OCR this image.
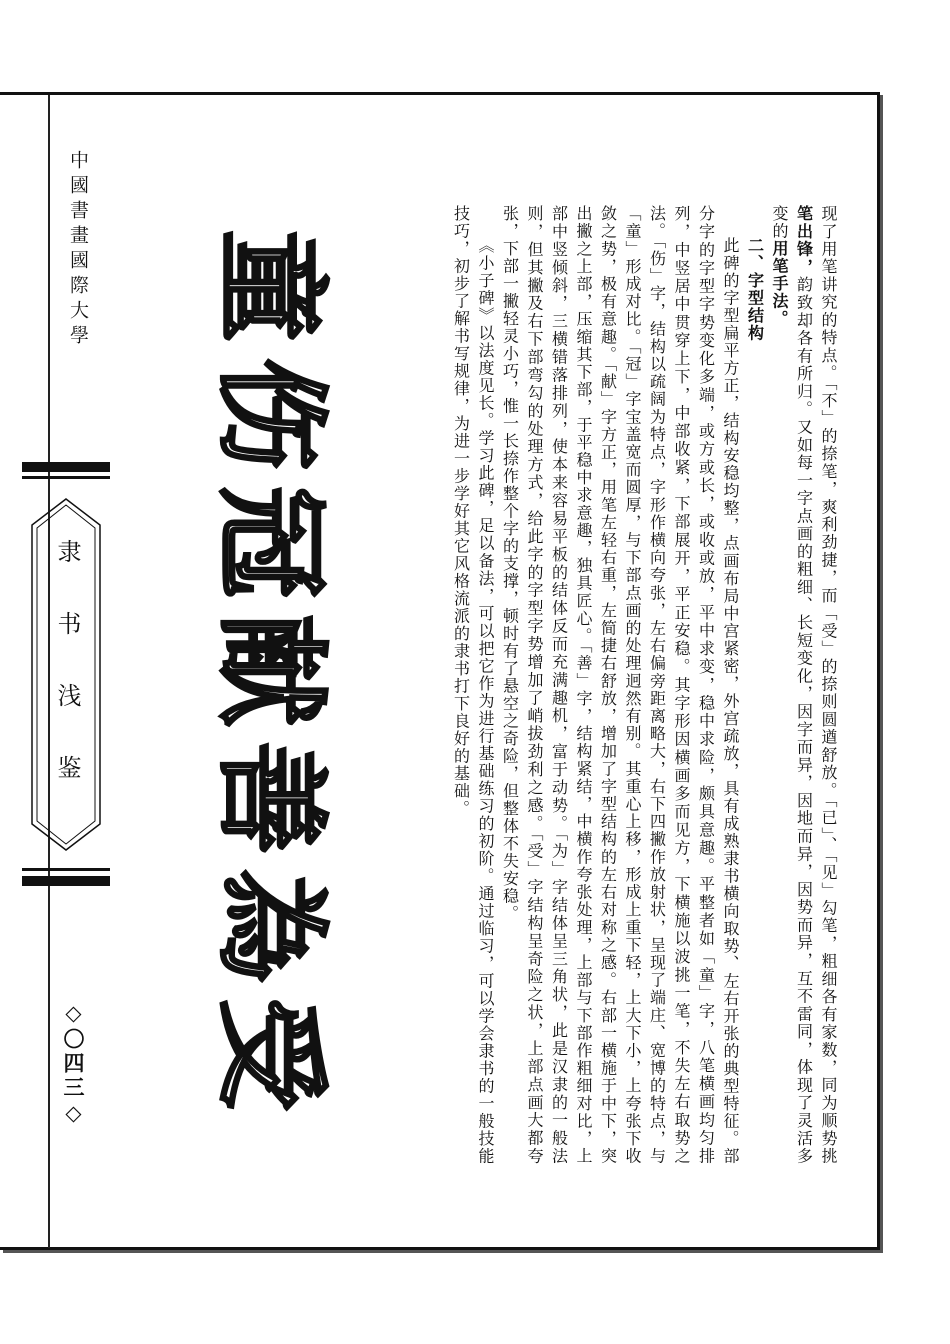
中國書畫國際大學
隶书浅鉴
◇〇四三◇
童
伤
冠
献
善
為
受	现了用笔讲究的特点。「不」的捺笔，爽利劲捷，而「受」的捺则圆遒舒放。「已」、「见」勾笔，粗细各有家数，同为顺势挑笔出锋，韵致却各有所归。又如每一字点画的粗细、长短变化，因字而异，因地而异，因势而异，互不雷同，体现了灵活多变的用笔手法。

二、字型结构

此碑的字型扁平方正，结构安稳均整，点画布局中宫紧密，外宫疏放，具有成熟隶书横向取势、左右开张的典型特征。部分字的字型字势变化多端，或方或长，或收或放，平中求变，稳中求险，颇具意趣。平整者如「童」字，八笔横画均匀排列，中竖居中贯穿上下，中部收紧，下部展开，平正安稳。其字形因横画多而见方，下横施以波挑一笔，不失左右取势之法。「伤」字，结构以疏阔为特点，字形作横向夸张，左右偏旁距离略大，右下四撇作放射状，呈现了端庄、宽博的特点，与「童」形成对比。「冠」字宝盖宽而圆厚，与下部点画的处理迥然有别。其重心上移，形成上重下轻，上大下小，上夸张下收敛之势，极有意趣。「献」字方正，用笔左轻右重，左简捷右舒放，增加了字型结构的左右对称之感。右部一横施于中下，突出撇之上部，压缩其下部，于平稳中求意趣，独具匠心。「善」字，结构紧结，中横作夸张处理，上部与下部作粗细对比，上部中竖倾斜，三横错落排列，使本来容易平板的结体反而充满趣机，富于动势。「为」字结体呈三角状，此是汉隶的一般法则，但其撇及右下部弯勾的处理方式，给此字的字型字势增加了峭拔劲利之感。「受」字结构呈奇险之状，上部点画大都夸张，下部一撇轻灵小巧，惟一长捺作整个字的支撑，顿时有了悬空之奇险，但整体不失安稳。

《小子碑》以法度见长。学习此碑，足以备法，可以把它作为进行基础练习的初阶。通过临习，可以学会隶书的一般技能技巧，初步了解书写规律，为进一步学好其它风格流派的隶书打下良好的基础。
